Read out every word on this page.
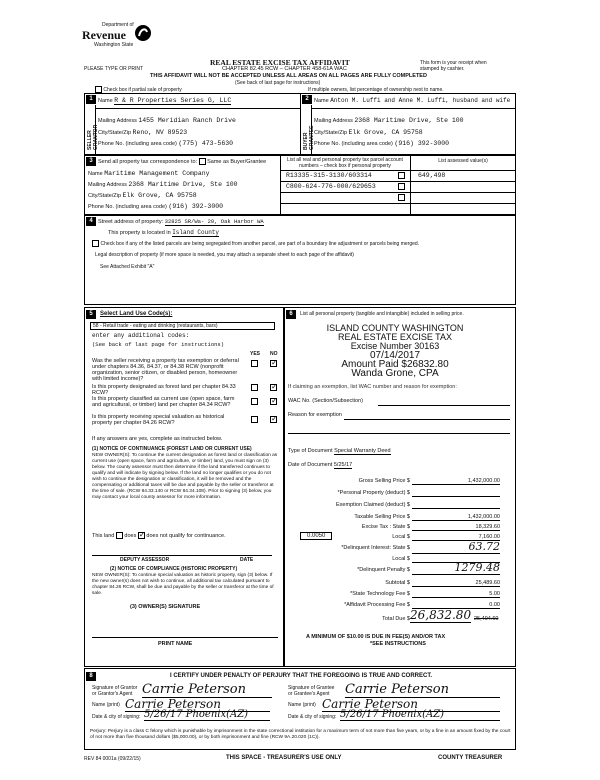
Department of
Revenue
Washington State
REAL ESTATE EXCISE TAX AFFIDAVIT
CHAPTER 82.45 RCW – CHAPTER 458-61A WAC
THIS AFFIDAVIT WILL NOT BE ACCEPTED UNLESS ALL AREAS ON ALL PAGES ARE FULLY COMPLETED
(See back of last page for instructions)
PLEASE TYPE OR PRINT
This form is your receipt when stamped by cashier.
Check box if partial sale of property	If multiple owners, list percentage of ownership next to name.
1	2
SELLER GRANTOR	BUYER GRANTEE
Name R & R Properties Series G, LLC
Mailing Address 1455 Meridian Ranch Drive
City/State/Zip Reno, NV 89523
Phone No. (including area code) (775) 473-5630
Name Anton M. Luffi and Anne M. Luffi, husband and wife
Mailing Address 2368 Maritime Drive, Ste 100
City/State/Zip Elk Grove, CA 95758
Phone No. (including area code) (916) 392-3000
3 Send all property tax correspondence to: Same as Buyer/Grantee
Name Maritime Management Company
Mailing Address 2368 Maritime Drive, Ste 100
City/State/Zip Elk Grove, CA 95758
Phone No. (including area code) (916) 392-3000
List all real and personal property tax parcel account numbers – check box if personal property
List assessed value(s)
R13335-315-3130/603314	649,498
C800-624-776-000/629653
4 Street address of property: 32825 SR/Wa- 20, Oak Harbor WA
This property is located in Island County
Check box if any of the listed parcels are being segregated from another parcel, are part of a boundary line adjustment or parcels being merged.
Legal description of property (if more space is needed, you may attach a separate sheet to each page of the affidavit)
See Attached Exhibit "A"
5	Select Land Use Code(s):
58 - Retail trade - eating and drinking (restaurants, bars)
enter any additional codes:
(See back of last page for instructions)
YES NO
Was the seller receiving a property tax exemption or deferral under chapters 84.36, 84.37, or 84.38 RCW (nonprofit organization, senior citizen, or disabled person, homeowner with limited income)?
✓
Is this property designated as forest land per chapter 84.33 RCW?
✓
Is this property classified as current use (open space, farm and agricultural, or timber) land per chapter 84.34 RCW?
✓
Is this property receiving special valuation as historical property per chapter 84.26 RCW?
✓
If any answers are yes, complete as instructed below.
(1) NOTICE OF CONTINUANCE (FOREST LAND OR CURRENT USE)
NEW OWNER(S): To continue the current designation as forest land or classification as current use (open space, farm and agriculture, or timber) land, you must sign on (3) below. The county assessor must then determine if the land transferred continues to qualify and will indicate by signing below. If the land no longer qualifies or you do not wish to continue the designation or classification, it will be removed and the compensating or additional taxes will be due and payable by the seller or transferor at the time of sale. (RCW 84.33.140 or RCW 84.34.108). Prior to signing (3) below, you may contact your local county assessor for more information.
This land does ✓ does not qualify for continuance.
DEPUTY ASSESSOR	DATE
(2) NOTICE OF COMPLIANCE (HISTORIC PROPERTY)
NEW OWNER(S): To continue special valuation as historic property, sign (3) below. If the new owner(s) does not wish to continue, all additional tax calculated pursuant to chapter 84.26 RCW, shall be due and payable by the seller or transferor at the time of sale.
(3) OWNER(S) SIGNATURE
PRINT NAME
6	List all personal property (tangible and intangible) included in selling price.
ISLAND COUNTY WASHINGTON
REAL ESTATE EXCISE TAX
Excise Number 30163
07/14/2017
Amount Paid $26832.80
Wanda Grone, CPA
If claiming an exemption, list WAC number and reason for exemption:
WAC No. (Section/Subsection)
Reason for exemption
Type of Document Special Warranty Deed
Date of Document 5/25/17
Gross Selling Price $	1,432,000.00
*Personal Property (deduct) $
Exemption Claimed (deduct) $
Taxable Selling Price $	1,432,000.00
Excise Tax : State $	18,329.60
0.0050	Local $	7,160.00
*Delinquent Interest: State $	63.72
Local $
*Delinquent Penalty $	1279.48
Subtotal $	25,489.60
*State Technology Fee $	5.00
*Affidavit Processing Fee $	0.00
Total Due $ 26,832.80 25,494.60
A MINIMUM OF $10.00 IS DUE IN FEE(S) AND/OR TAX
*SEE INSTRUCTIONS
8	I CERTIFY UNDER PENALTY OF PERJURY THAT THE FOREGOING IS TRUE AND CORRECT.
Signature of Grantor or Grantor's Agent Carrie Peterson
Name (print) Carrie Peterson
Date & city of signing: 5/26/17 Phoenix(AZ)
Signature of Grantee or Grantee's Agent	Carrie Peterson
Name (print) Carrie Peterson
Date & city of signing: 5/26/17 Phoenix(AZ)
Perjury: Perjury is a class C felony which is punishable by imprisonment in the state correctional institution for a maximum term of not more than five years, or by a fine in an amount fixed by the court of not more than five thousand dollars ($5,000.00), or by both imprisonment and fine (RCW 9A.20.020 (1C)).
REV 84 0001a (09/22/15)	THIS SPACE - TREASURER'S USE ONLY	COUNTY TREASURER
